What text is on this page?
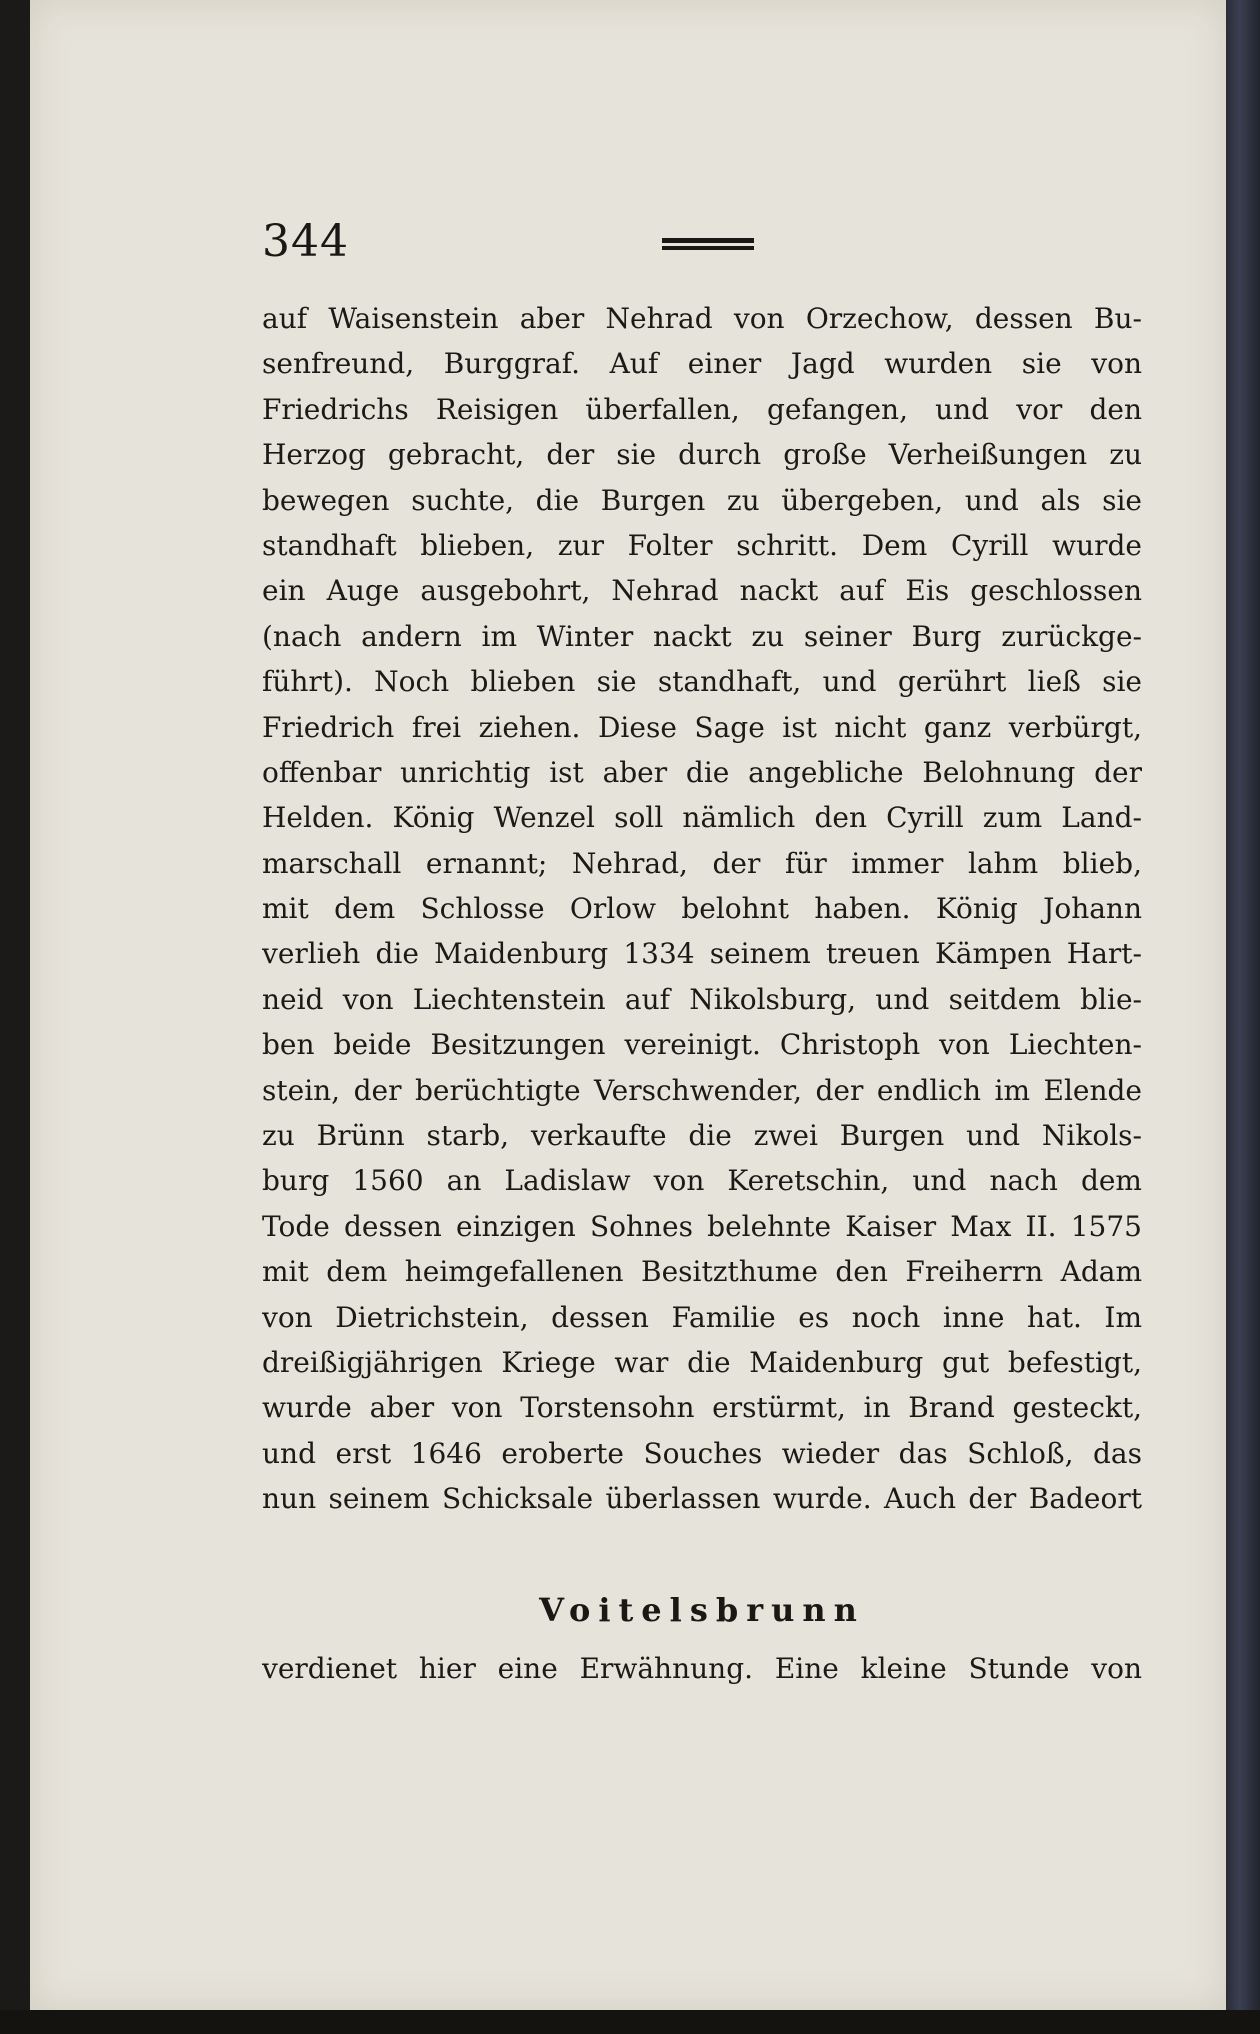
344
auf Waisenstein aber Nehrad von Orzechow, dessen Bu-
senfreund, Burggraf. Auf einer Jagd wurden sie von
Friedrichs Reisigen überfallen, gefangen, und vor den
Herzog gebracht, der sie durch große Verheißungen zu
bewegen suchte, die Burgen zu übergeben, und als sie
standhaft blieben, zur Folter schritt. Dem Cyrill wurde
ein Auge ausgebohrt, Nehrad nackt auf Eis geschlossen
(nach andern im Winter nackt zu seiner Burg zurückge-
führt). Noch blieben sie standhaft, und gerührt ließ sie
Friedrich frei ziehen. Diese Sage ist nicht ganz verbürgt,
offenbar unrichtig ist aber die angebliche Belohnung der
Helden. König Wenzel soll nämlich den Cyrill zum Land-
marschall ernannt; Nehrad, der für immer lahm blieb,
mit dem Schlosse Orlow belohnt haben. König Johann
verlieh die Maidenburg 1334 seinem treuen Kämpen Hart-
neid von Liechtenstein auf Nikolsburg, und seitdem blie-
ben beide Besitzungen vereinigt. Christoph von Liechten-
stein, der berüchtigte Verschwender, der endlich im Elende
zu Brünn starb, verkaufte die zwei Burgen und Nikols-
burg 1560 an Ladislaw von Keretschin, und nach dem
Tode dessen einzigen Sohnes belehnte Kaiser Max II. 1575
mit dem heimgefallenen Besitzthume den Freiherrn Adam
von Dietrichstein, dessen Familie es noch inne hat. Im
dreißigjährigen Kriege war die Maidenburg gut befestigt,
wurde aber von Torstensohn erstürmt, in Brand gesteckt,
und erst 1646 eroberte Souches wieder das Schloß, das
nun seinem Schicksale überlassen wurde. Auch der Badeort
Voitelsbrunn
verdienet hier eine Erwähnung. Eine kleine Stunde von
